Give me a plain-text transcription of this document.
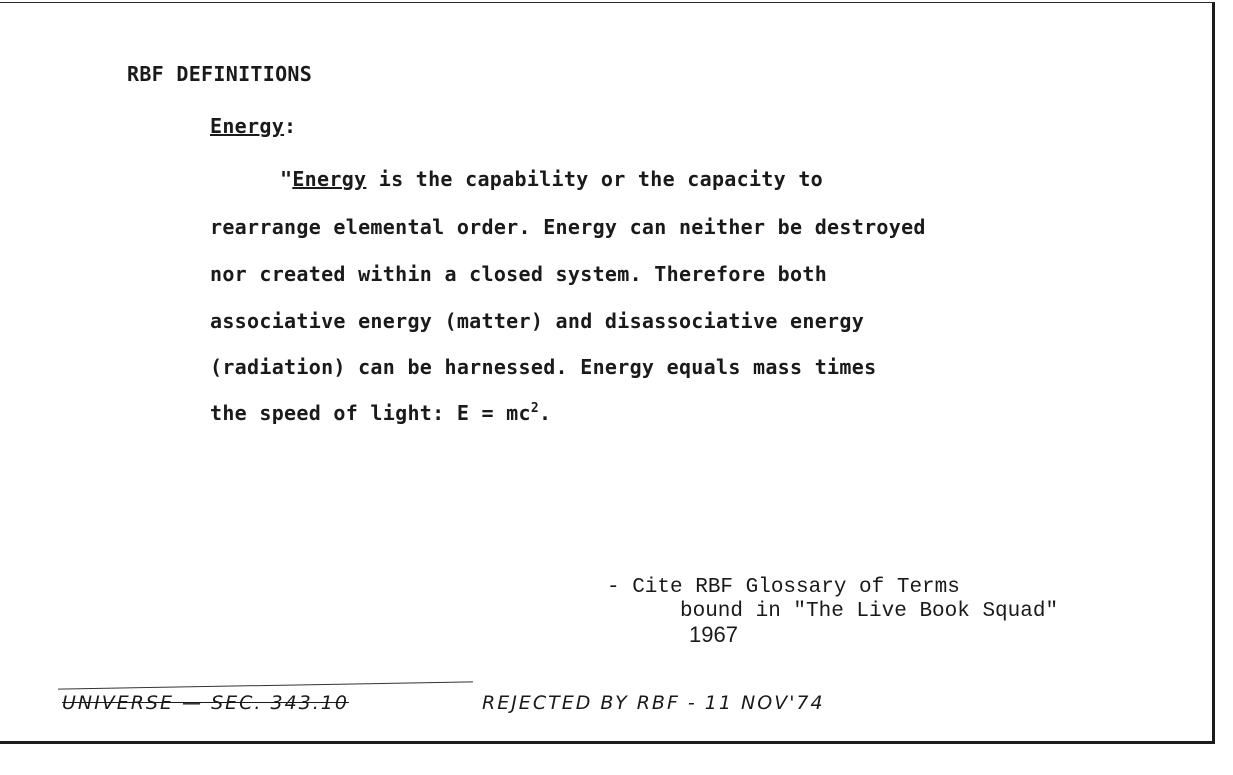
RBF DEFINITIONS
Energy:
"Energy is the capability or the capacity to
rearrange elemental order. Energy can neither be destroyed
nor created within a closed system. Therefore both
associative energy (matter) and disassociative energy
(radiation) can be harnessed. Energy equals mass times
the speed of light: $E = mc^2$.
- Cite RBF Glossary of Terms
bound in "The Live Book Squad"
1967
UNIVERSE — SEC. 343.10	REJECTED BY RBF - 11 NOV'74
